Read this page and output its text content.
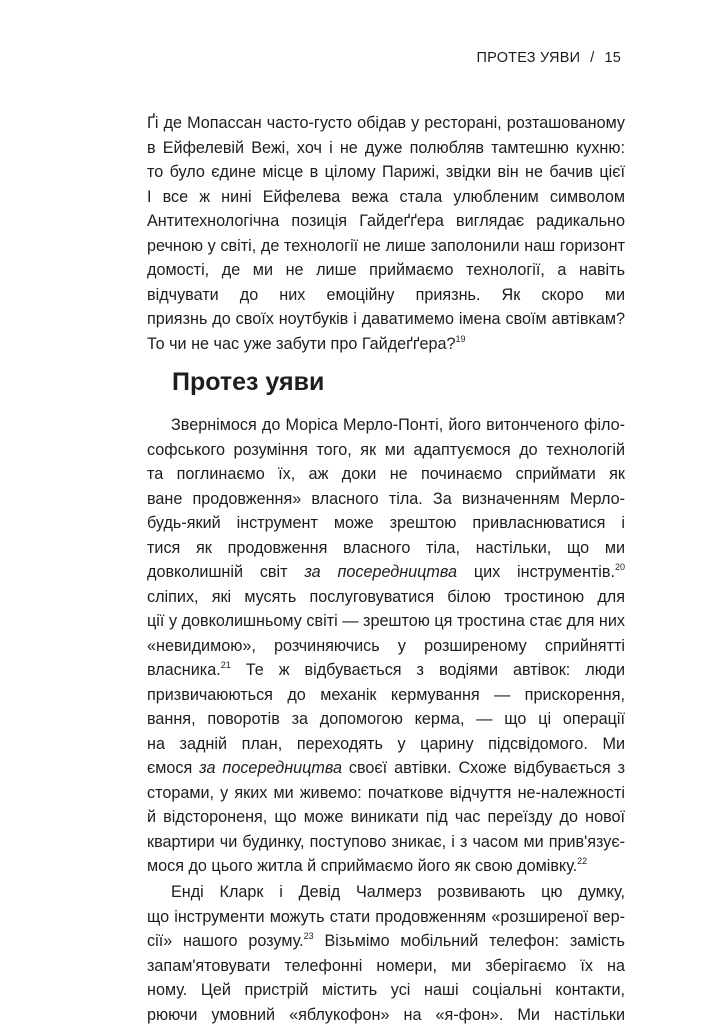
ПРОТЕЗ УЯВИ / 15
Ґі де Мопассан часто-густо обідав у ресторані, розташованому
в Ейфелевій Вежі, хоч і не дуже полюбляв тамтешню кухню:
то було єдине місце в цілому Парижі, звідки він не бачив цієї
І все ж нині Ейфелева вежа стала улюбленим символом
Антитехнологічна позиція Гайдеґґера виглядає радикально
речною у світі, де технології не лише заполонили наш горизонт
домості, де ми не лише приймаємо технології, а навіть
відчувати до них емоційну приязнь. Як скоро ми
приязнь до своїх ноутбуків і даватимемо імена своїм автівкам?
То чи не час уже забути про Гайдеґґера?$^{19}$
Протез уяви
Звернімося до Моріса Мерло-Понті, його витонченого філо-
софського розуміння того, як ми адаптуємося до технологій
та поглинаємо їх, аж доки не починаємо сприймати як
ване продовження» власного тіла. За визначенням Мерло-
будь-який інструмент може зрештою привласнюватися і
тися як продовження власного тіла, настільки, що ми
довколишній світ за посередництва цих інструментів.$^{20}$
сліпих, які мусять послуговуватися білою тростиною для
ції у довколишньому світі — зрештою ця тростина стає для них
«невидимою», розчиняючись у розширеному сприйнятті
власника.$^{21}$ Те ж відбувається з водіями автівок: люди
призвичаюються до механік кермування — прискорення,
вання, поворотів за допомогою керма, — що ці операції
на задній план, переходять у царину підсвідомого. Ми
ємося за посередництва своєї автівки. Схоже відбувається з
сторами, у яких ми живемо: початкове відчуття не-належності
й відстороненя, що може виникати під час переїзду до нової
квартири чи будинку, поступово зникає, і з часом ми прив'язує-
мося до цього житла й сприймаємо його як свою домівку.$^{22}$
Енді Кларк і Девід Чалмерз розвивають цю думку,
що інструменти можуть стати продовженням «розширеної вер-
сії» нашого розуму.$^{23}$ Візьмімо мобільний телефон: замість
запам'ятовувати телефонні номери, ми зберігаємо їх на
ному. Цей пристрій містить усі наші соціальні контакти,
рюючи умовний «яблукофон» на «я-фон». Ми настільки
